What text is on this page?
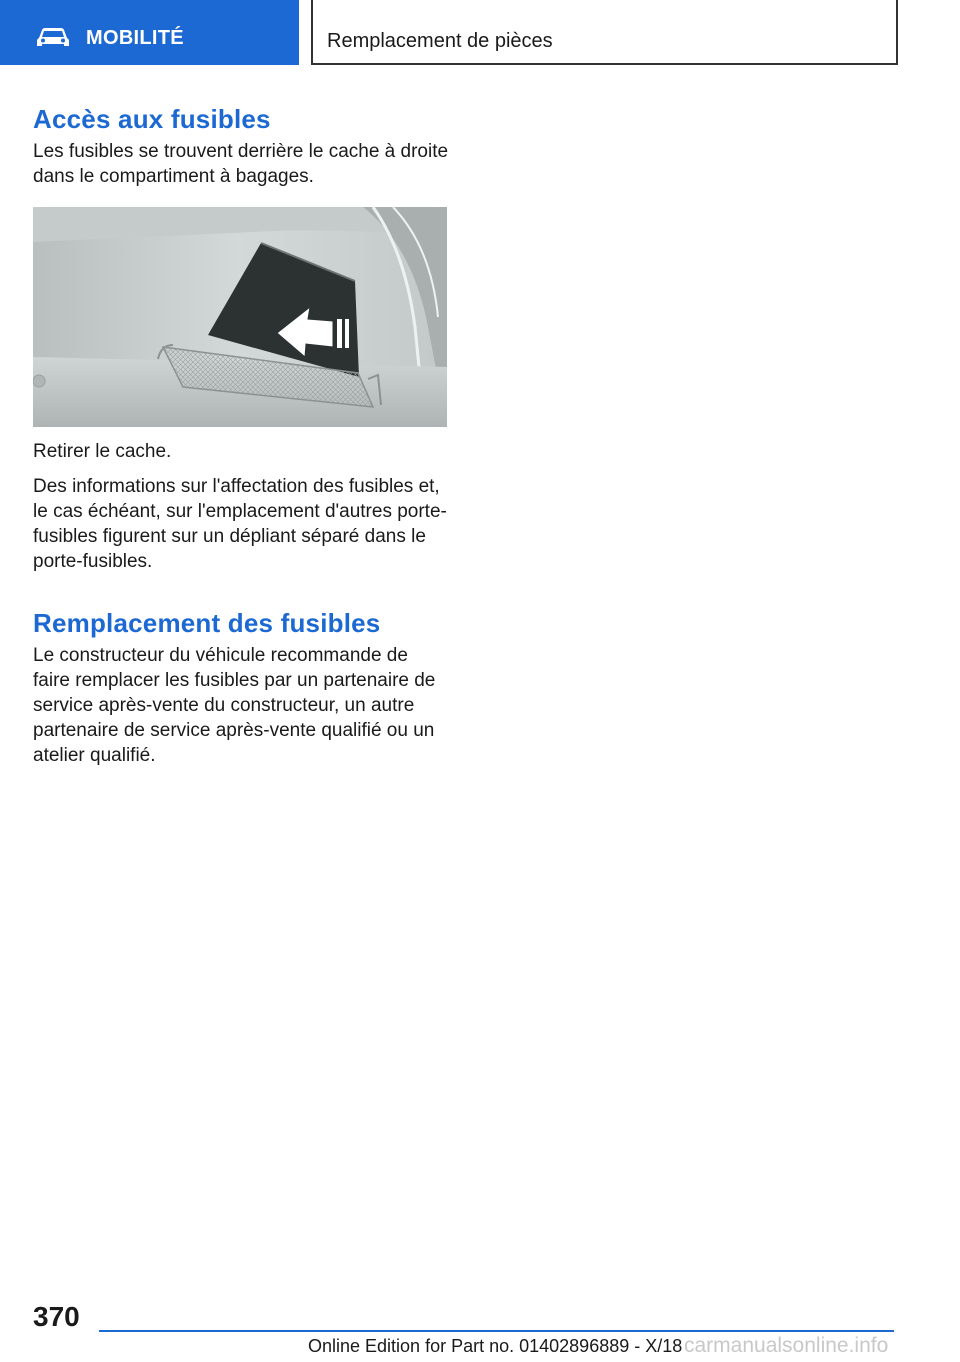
MOBILITÉ	Remplacement de pièces
Accès aux fusibles

Les fusibles se trouvent derrière le cache à droite dans le compartiment à bagages.

Retirer le cache.

Des informations sur l'affectation des fusibles et, le cas échéant, sur l'emplacement d'autres porte-fusibles figurent sur un dépliant séparé dans le porte-fusibles.

Remplacement des fusibles

Le constructeur du véhicule recommande de faire remplacer les fusibles par un partenaire de service après-vente du constructeur, un autre partenaire de service après-vente qualifié ou un atelier qualifié.

370
Online Edition for Part no. 01402896889 - X/18 carmanualsonline.info
